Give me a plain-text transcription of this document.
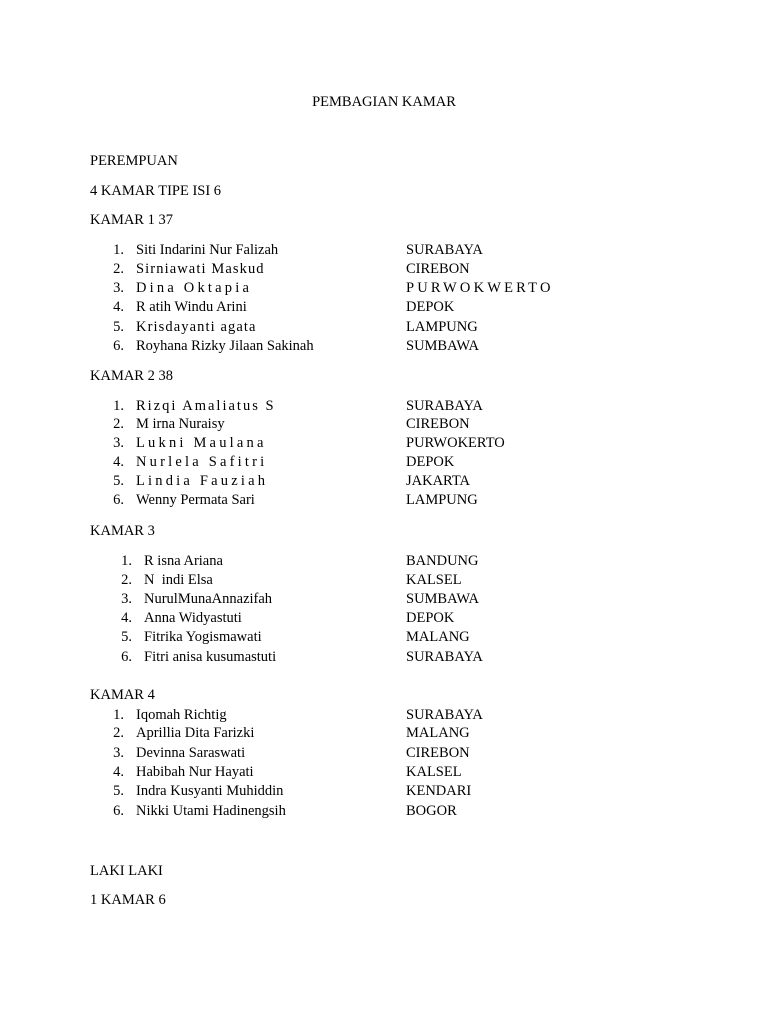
PEMBAGIAN KAMAR
PEREMPUAN
4 KAMAR TIPE ISI 6
KAMAR 1 37
1. Siti Indarini Nur Falizah	SURABAYA
2. Sirniawati Maskud	CIREBON
3. Dina Oktapia	PURWOKWERTO
4. R atih Windu Arini	DEPOK
5. Krisdayanti agata	LAMPUNG
6. Royhana Rizky Jilaan Sakinah	SUMBAWA
KAMAR 2 38
1. Rizqi Amaliatus S	SURABAYA
2. M irna Nuraisy	CIREBON
3. Lukni Maulana	PURWOKERTO
4. Nurlela Safitri	DEPOK
5. Lindia Fauziah	JAKARTA
6. Wenny Permata Sari	LAMPUNG
KAMAR 3
1. R isna Ariana	BANDUNG
2. N  indi Elsa	KALSEL
3. NurulMunaAnnazifah	SUMBAWA
4. Anna Widyastuti	DEPOK
5. Fitrika Yogismawati	MALANG
6. Fitri anisa kusumastuti	SURABAYA
KAMAR 4
1. Iqomah Richtig	SURABAYA
2. Aprillia Dita Farizki	MALANG
3. Devinna Saraswati	CIREBON
4. Habibah Nur Hayati	KALSEL
5. Indra Kusyanti Muhiddin	KENDARI
6. Nikki Utami Hadinengsih	BOGOR
LAKI LAKI
1 KAMAR 6
